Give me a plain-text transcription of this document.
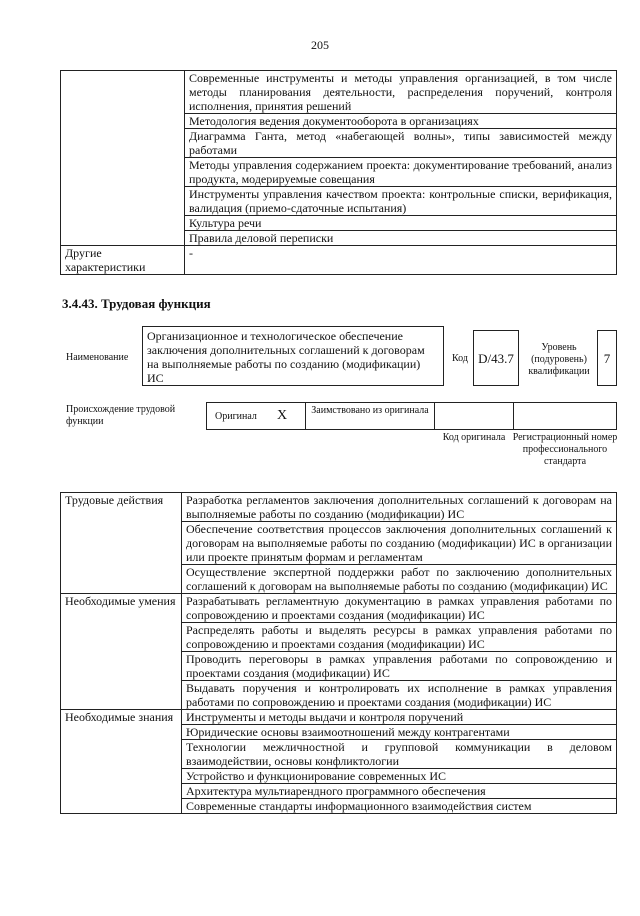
205
	Современные инструменты и методы управления организацией, в том числе методы планирования деятельности, распределения поручений, контроля исполнения, принятия решений
	Методология ведения документооборота в организациях
	Диаграмма Ганта, метод «набегающей волны», типы зависимостей между работами
	Методы управления содержанием проекта: документирование требований, анализ продукта, модерируемые совещания
	Инструменты управления качеством проекта: контрольные списки, верификация, валидация (приемо-сдаточные испытания)
	Культура речи
	Правила деловой переписки
Другие характеристики	-
3.4.43. Трудовая функция
Наименование
Организационное и технологическое обеспечение заключения дополнительных соглашений к договорам на выполняемые работы по созданию (модификации) ИС
Код D/43.7
Уровень (подуровень) квалификации
7
Происхождение трудовой функции	Оригинал X	Заимствовано из оригинала
Код оригинала Регистрационный номер профессионального стандарта
Трудовые действия	Разработка регламентов заключения дополнительных соглашений к договорам на выполняемые работы по созданию (модификации) ИС
	Обеспечение соответствия процессов заключения дополнительных соглашений к договорам на выполняемые работы по созданию (модификации) ИС в организации или проекте принятым формам и регламентам
	Осуществление экспертной поддержки работ по заключению дополнительных соглашений к договорам на выполняемые работы по созданию (модификации) ИС
Необходимые умения	Разрабатывать регламентную документацию в рамках управления работами по сопровождению и проектами создания (модификации) ИС
	Распределять работы и выделять ресурсы в рамках управления работами по сопровождению и проектами создания (модификации) ИС
	Проводить переговоры в рамках управления работами по сопровождению и проектами создания (модификации) ИС
	Выдавать поручения и контролировать их исполнение в рамках управления работами по сопровождению и проектами создания (модификации) ИС
Необходимые знания	Инструменты и методы выдачи и контроля поручений
	Юридические основы взаимоотношений между контрагентами
	Технологии межличностной и групповой коммуникации в деловом взаимодействии, основы конфликтологии
	Устройство и функционирование современных ИС
	Архитектура мультиарендного программного обеспечения
	Современные стандарты информационного взаимодействия систем
